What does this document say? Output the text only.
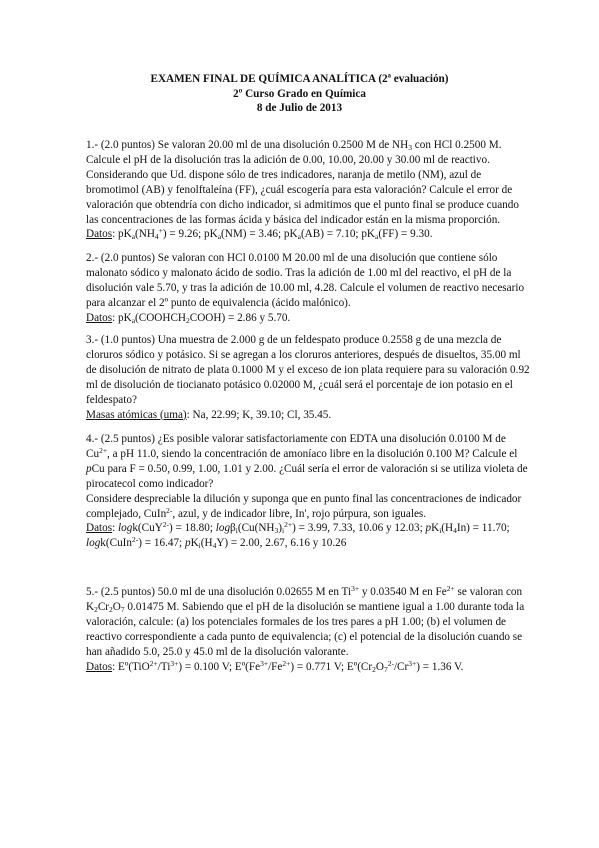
EXAMEN FINAL DE QUÍMICA ANALÍTICA (2ª evaluación)
2º Curso Grado en Química
8 de Julio de 2013

1.- (2.0 puntos) Se valoran 20.00 ml de una disolución 0.2500 M de $NH_3$ con HCl 0.2500 M. Calcule el pH de la disolución tras la adición de 0.00, 10.00, 20.00 y 30.00 ml de reactivo. Considerando que Ud. dispone sólo de tres indicadores, naranja de metilo (NM), azul de bromotimol (AB) y fenolftaleína (FF), ¿cuál escogería para esta valoración? Calcule el error de valoración que obtendría con dicho indicador, si admitimos que el punto final se produce cuando las concentraciones de las formas ácida y básica del indicador están en la misma proporción.

Datos: $pK_a(NH_4^+) = 9.26$; $pK_a(NM) = 3.46$; $pK_a(AB) = 7.10$; $pK_a(FF) = 9.30$.

2.- (2.0 puntos) Se valoran con HCl 0.0100 M 20.00 ml de una disolución que contiene sólo malonato sódico y malonato ácido de sodio. Tras la adición de 1.00 ml del reactivo, el pH de la disolución vale 5.70, y tras la adición de 10.00 ml, 4.28. Calcule el volumen de reactivo necesario para alcanzar el 2º punto de equivalencia (ácido malónico).

Datos: $pK_a(COOHCH_2COOH) = 2.86$ y 5.70.

3.- (1.0 puntos) Una muestra de 2.000 g de un feldespato produce 0.2558 g de una mezcla de cloruros sódico y potásico. Si se agregan a los cloruros anteriores, después de disueltos, 35.00 ml de disolución de nitrato de plata 0.1000 M y el exceso de ion plata requiere para su valoración 0.92 ml de disolución de tiocianato potásico 0.02000 M, ¿cuál será el porcentaje de ion potasio en el feldespato?

Masas atómicas (uma): Na, 22.99; K, 39.10; Cl, 35.45.

4.- (2.5 puntos) ¿Es posible valorar satisfactoriamente con EDTA una disolución 0.0100 M de $Cu^{2+}$, a pH 11.0, siendo la concentración de amoníaco libre en la disolución 0.100 M? Calcule el pCu para F = 0.50, 0.99, 1.00, 1.01 y 2.00. ¿Cuál sería el error de valoración si se utiliza violeta de pirocatecol como indicador?

Considere despreciable la dilución y suponga que en punto final las concentraciones de indicador complejado, CuIn$^{2-}$, azul, y de indicador libre, In', rojo púrpura, son iguales.

Datos: logk(CuY$^{2-}$) = 18.80; $\log\beta_i(Cu(NH_3)_i^{2+}) = 3.99$, 7.33, 10.06 y 12.03; $pK_i(H_4In) = 11.70$; logk(CuIn$^{2-}$) = 16.47; $pK_i(H_4Y) = 2.00$, 2.67, 6.16 y 10.26

5.- (2.5 puntos) 50.0 ml de una disolución 0.02655 M en $Ti^{3+}$ y 0.03540 M en $Fe^{2+}$ se valoran con $K_2Cr_2O_7$ 0.01475 M. Sabiendo que el pH de la disolución se mantiene igual a 1.00 durante toda la valoración, calcule: (a) los potenciales formales de los tres pares a pH 1.00; (b) el volumen de reactivo correspondiente a cada punto de equivalencia; (c) el potencial de la disolución cuando se han añadido 5.0, 25.0 y 45.0 ml de la disolución valorante.

Datos: $Eº(TiO^{2+}/Ti^{3+}) = 0.100$ V; $Eº(Fe^{3+}/Fe^{2+}) = 0.771$ V; $Eº(Cr_2O_7^{2-}/Cr^{3+}) = 1.36$ V.
